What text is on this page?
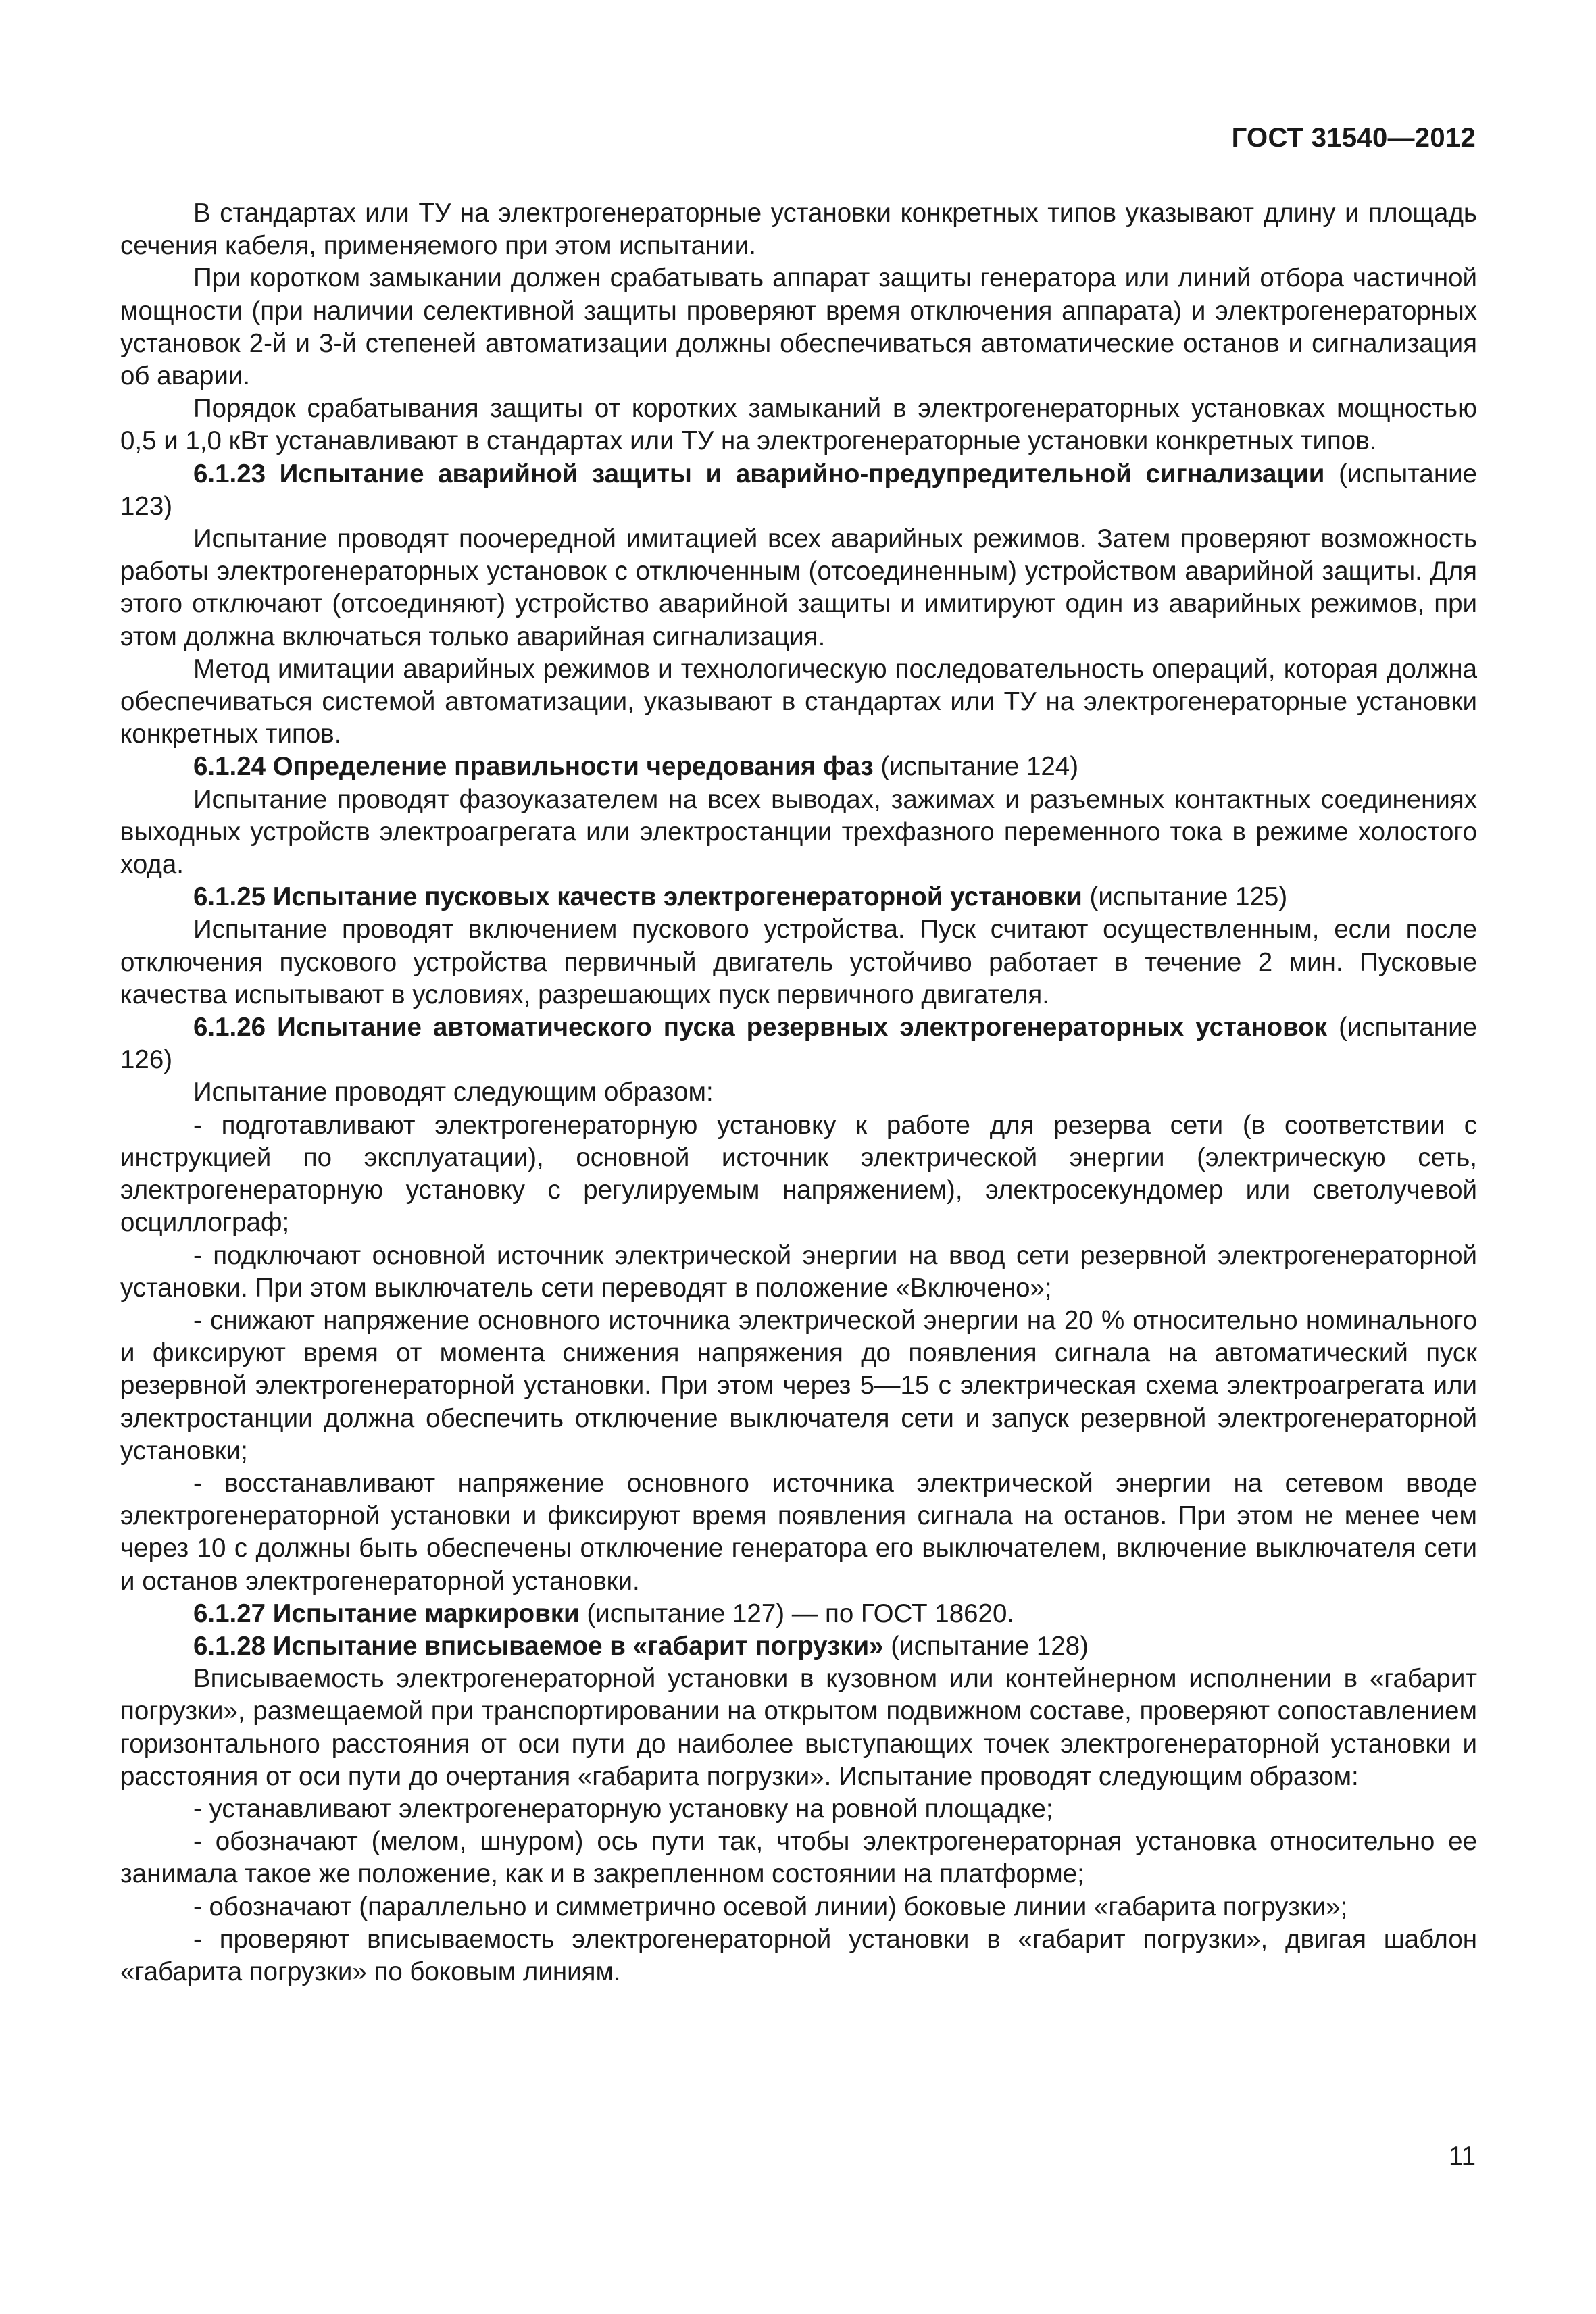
ГОСТ 31540—2012

В стандартах или ТУ на электрогенераторные установки конкретных типов указывают длину и площадь сечения кабеля, применяемого при этом испытании.

При коротком замыкании должен срабатывать аппарат защиты генератора или линий отбора частичной мощности (при наличии селективной защиты проверяют время отключения аппарата) и электрогенераторных установок 2-й и 3-й степеней автоматизации должны обеспечиваться автоматические останов и сигнализация об аварии.

Порядок срабатывания защиты от коротких замыканий в электрогенераторных установках мощностью 0,5 и 1,0 кВт устанавливают в стандартах или ТУ на электрогенераторные установки конкретных типов.

6.1.23 Испытание аварийной защиты и аварийно-предупредительной сигнализации (испытание 123)

Испытание проводят поочередной имитацией всех аварийных режимов. Затем проверяют возможность работы электрогенераторных установок с отключенным (отсоединенным) устройством аварийной защиты. Для этого отключают (отсоединяют) устройство аварийной защиты и имитируют один из аварийных режимов, при этом должна включаться только аварийная сигнализация.

Метод имитации аварийных режимов и технологическую последовательность операций, которая должна обеспечиваться системой автоматизации, указывают в стандартах или ТУ на электрогенераторные установки конкретных типов.

6.1.24 Определение правильности чередования фаз (испытание 124)

Испытание проводят фазоуказателем на всех выводах, зажимах и разъемных контактных соединениях выходных устройств электроагрегата или электростанции трехфазного переменного тока в режиме холостого хода.

6.1.25 Испытание пусковых качеств электрогенераторной установки (испытание 125)

Испытание проводят включением пускового устройства. Пуск считают осуществленным, если после отключения пускового устройства первичный двигатель устойчиво работает в течение 2 мин. Пусковые качества испытывают в условиях, разрешающих пуск первичного двигателя.

6.1.26 Испытание автоматического пуска резервных электрогенераторных установок (испытание 126)

Испытание проводят следующим образом:

- подготавливают электрогенераторную установку к работе для резерва сети (в соответствии с инструкцией по эксплуатации), основной источник электрической энергии (электрическую сеть, электрогенераторную установку с регулируемым напряжением), электросекундомер или светолучевой осциллограф;

- подключают основной источник электрической энергии на ввод сети резервной электрогенераторной установки. При этом выключатель сети переводят в положение «Включено»;

- снижают напряжение основного источника электрической энергии на 20 % относительно номинального и фиксируют время от момента снижения напряжения до появления сигнала на автоматический пуск резервной электрогенераторной установки. При этом через 5—15 с электрическая схема электроагрегата или электростанции должна обеспечить отключение выключателя сети и запуск резервной электрогенераторной установки;

- восстанавливают напряжение основного источника электрической энергии на сетевом вводе электрогенераторной установки и фиксируют время появления сигнала на останов. При этом не менее чем через 10 с должны быть обеспечены отключение генератора его выключателем, включение выключателя сети и останов электрогенераторной установки.

6.1.27 Испытание маркировки (испытание 127) — по ГОСТ 18620.

6.1.28 Испытание вписываемое в «габарит погрузки» (испытание 128)

Вписываемость электрогенераторной установки в кузовном или контейнерном исполнении в «габарит погрузки», размещаемой при транспортировании на открытом подвижном составе, проверяют сопоставлением горизонтального расстояния от оси пути до наиболее выступающих точек электрогенераторной установки и расстояния от оси пути до очертания «габарита погрузки». Испытание проводят следующим образом:

- устанавливают электрогенераторную установку на ровной площадке;

- обозначают (мелом, шнуром) ось пути так, чтобы электрогенераторная установка относительно ее занимала такое же положение, как и в закрепленном состоянии на платформе;

- обозначают (параллельно и симметрично осевой линии) боковые линии «габарита погрузки»;

- проверяют вписываемость электрогенераторной установки в «габарит погрузки», двигая шаблон «габарита погрузки» по боковым линиям.

11
